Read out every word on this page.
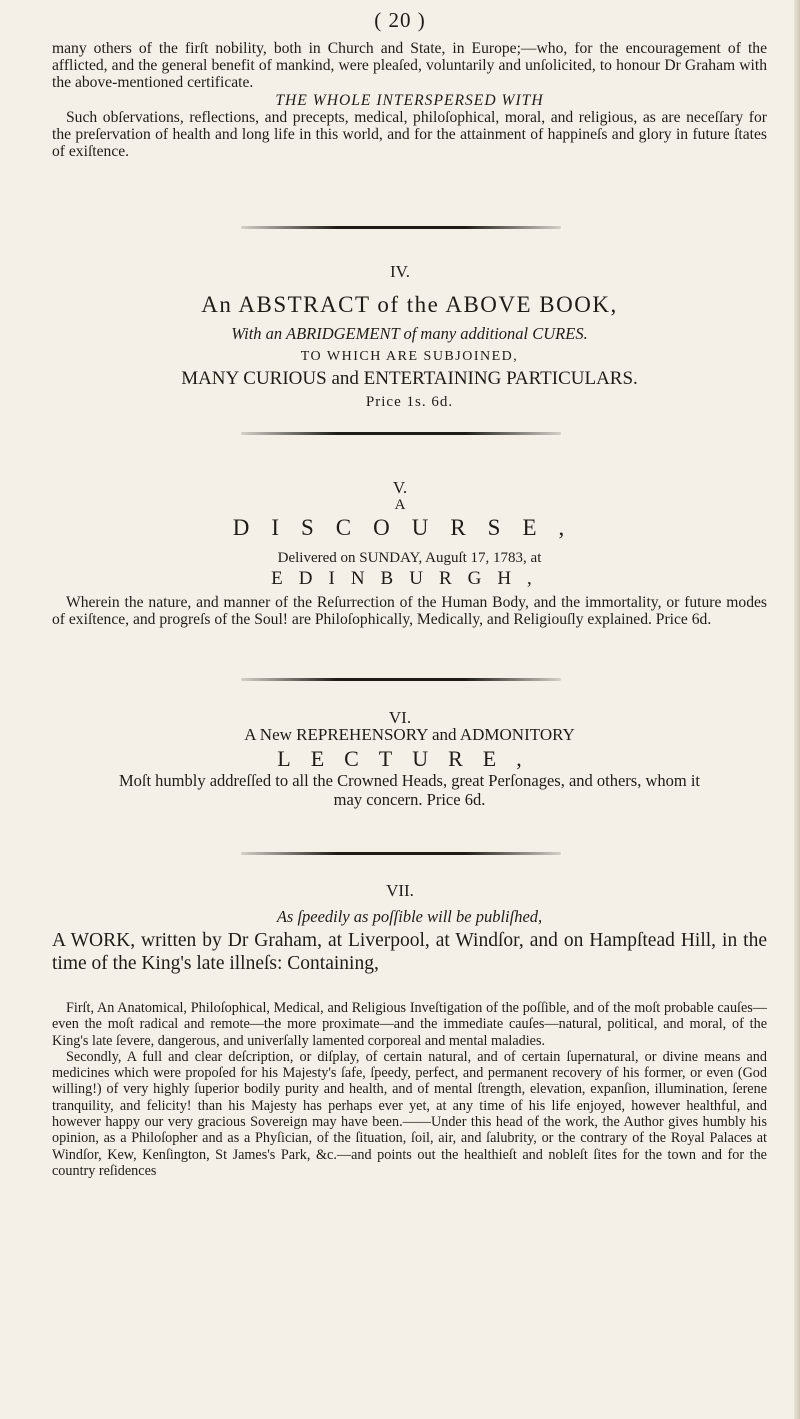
( 20 )

many others of the firſt nobility, both in Church and State, in Europe;—who, for the encouragement of the afflicted, and the general benefit of mankind, were pleaſed, voluntarily and unſolicited, to honour Dr Graham with the above-mentioned certificate.

THE WHOLE INTERSPERSED WITH

Such obſervations, reflections, and precepts, medical, philoſophical, moral, and religious, as are neceſſary for the preſervation of health and long life in this world, and for the attainment of happineſs and glory in future ſtates of exiſtence.

IV.
An ABSTRACT of the ABOVE BOOK,
With an ABRIDGEMENT of many additional CURES.
TO WHICH ARE SUBJOINED,
MANY CURIOUS and ENTERTAINING PARTICULARS.
Price 1s. 6d.
V.
A
DISCOURSE,
Delivered on SUNDAY, Auguſt 17, 1783, at
EDINBURGH,

Wherein the nature, and manner of the Reſurrection of the Human Body, and the immortality, or future modes of exiſtence, and progreſs of the Soul! are Philoſophically, Medically, and Religiouſly explained. Price 6d.

VI.
A New REPREHENSORY and ADMONITORY
LECTURE,

Moſt humbly addreſſed to all the Crowned Heads, great Perſonages, and others, whom it may concern. Price 6d.

VII.
As ſpeedily as poſſible will be publiſhed,

A WORK, written by Dr Graham, at Liverpool, at Windſor, and on Hampſtead Hill, in the time of the King's late illneſs: Containing,

Firſt, An Anatomical, Philoſophical, Medical, and Religious Inveſtigation of the poſſible, and of the moſt probable cauſes—even the moſt radical and remote—the more proximate—and the immediate cauſes—natural, political, and moral, of the King's late ſevere, dangerous, and univerſally lamented corporeal and mental maladies.

Secondly, A full and clear deſcription, or diſplay, of certain natural, and of certain ſupernatural, or divine means and medicines which were propoſed for his Majesty's ſafe, ſpeedy, perfect, and permanent recovery of his former, or even (God willing!) of very highly ſuperior bodily purity and health, and of mental ſtrength, elevation, expanſion, illumination, ſerene tranquility, and felicity! than his Majesty has perhaps ever yet, at any time of his life enjoyed, however healthful, and however happy our very gracious Sovereign may have been.——Under this head of the work, the Author gives humbly his opinion, as a Philoſopher and as a Phyſician, of the ſituation, ſoil, air, and ſalubrity, or the contrary of the Royal Palaces at Windſor, Kew, Kenſington, St James's Park, &c.—and points out the healthieſt and nobleſt ſites for the town and for the country reſidences
